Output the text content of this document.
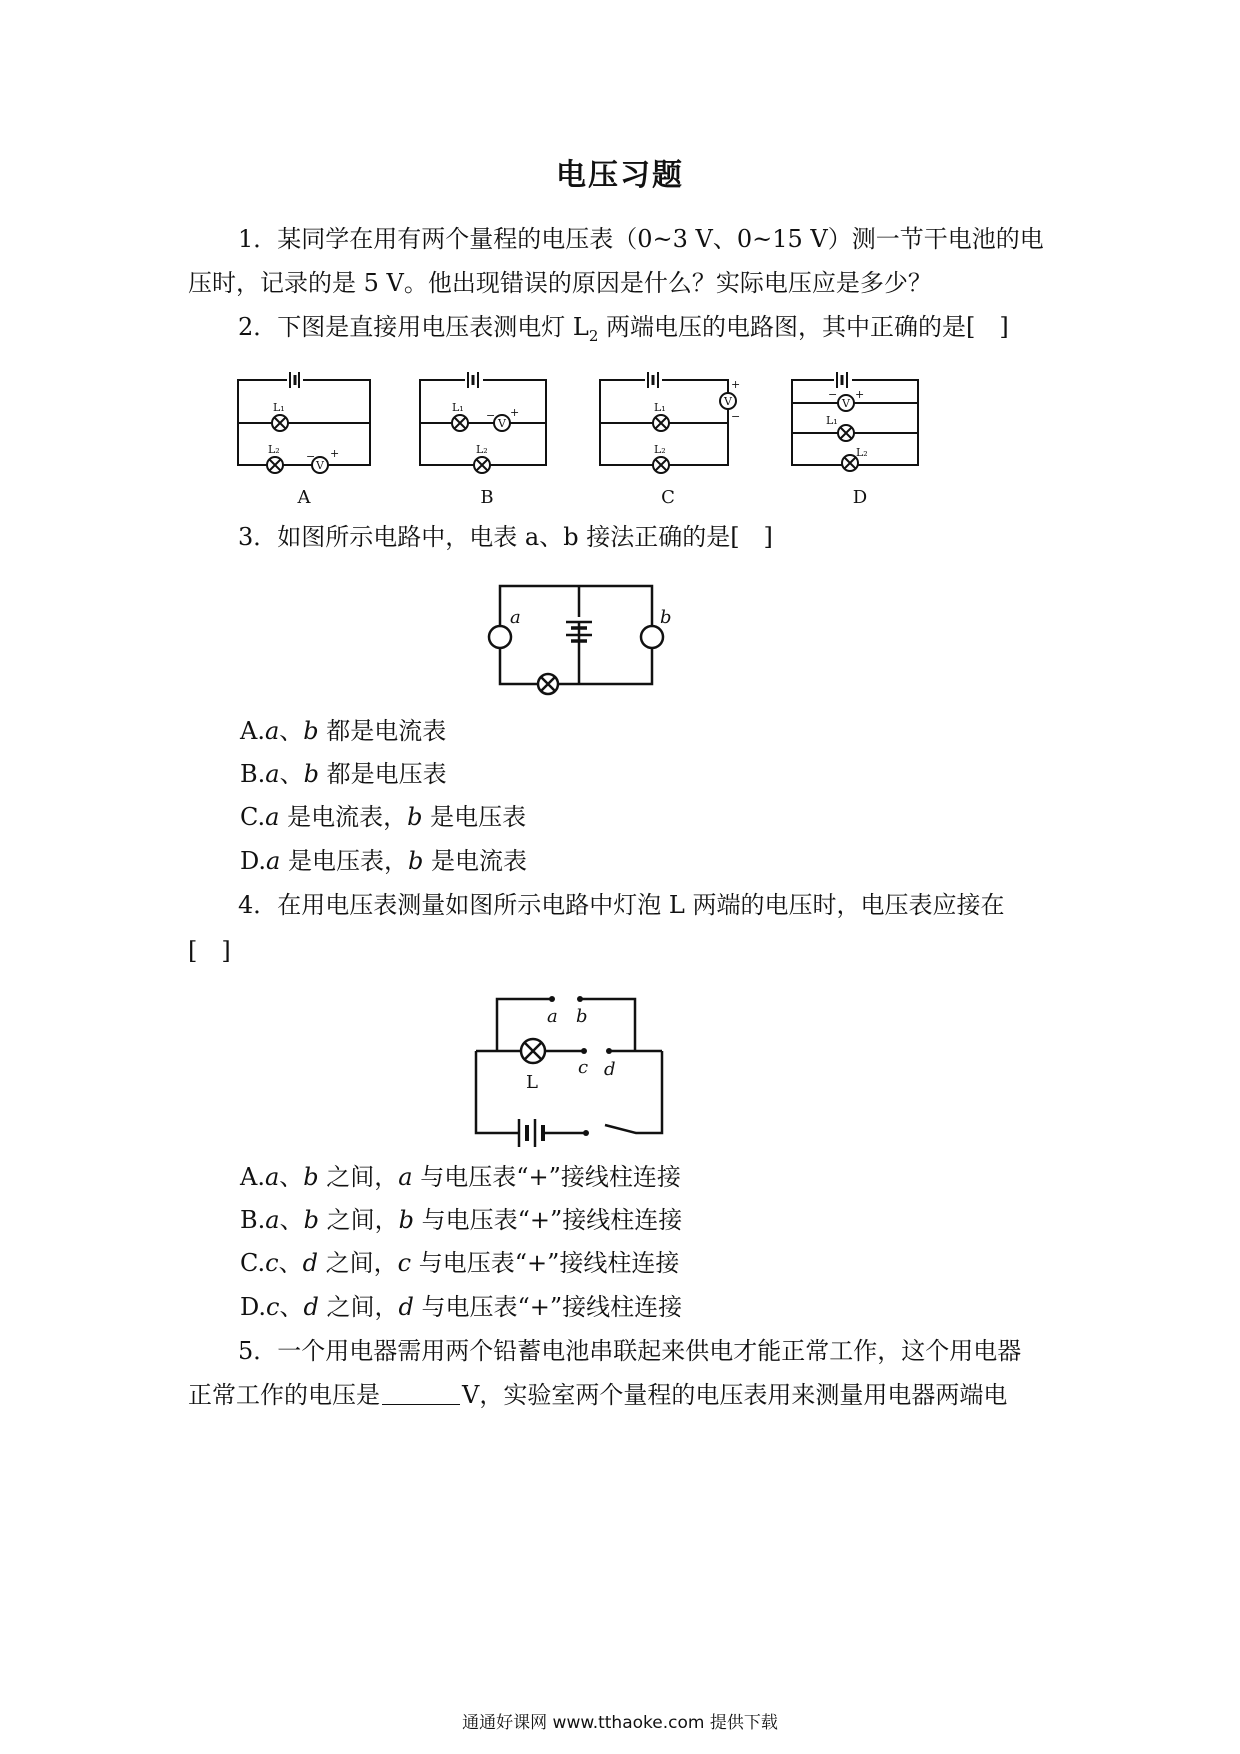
电压习题
1．某同学在用有两个量程的电压表（0~3 V、0~15 V）测一节干电池的电
压时，记录的是 5 V。他出现错误的原因是什么？实际电压应是多少？
2．下图是直接用电压表测电灯 $L_2$ 两端电压的电路图，其中正确的是[　]
V
V
V	V
L₁
L₂
L₁
L₂
L₁
L₂
L₁
L₂
− +
− +
+
−
− +
A	B	C	D
3．如图所示电路中，电表 a、b 接法正确的是[　]
a	b
A.a、b 都是电流表
B.a、b 都是电压表
C.a 是电流表，b 是电压表
D.a 是电压表，b 是电流表
4．在用电压表测量如图所示电路中灯泡 L 两端的电压时，电压表应接在
[　]
a b
c d
L
A.a、b 之间，a 与电压表“+”接线柱连接
B.a、b 之间，b 与电压表“+”接线柱连接
C.c、d 之间，c 与电压表“+”接线柱连接
D.c、d 之间，d 与电压表“+”接线柱连接
5．一个用电器需用两个铅蓄电池串联起来供电才能正常工作，这个用电器
正常工作的电压是	V，实验室两个量程的电压表用来测量用电器两端电
通通好课网 www.tthaoke.com 提供下载
